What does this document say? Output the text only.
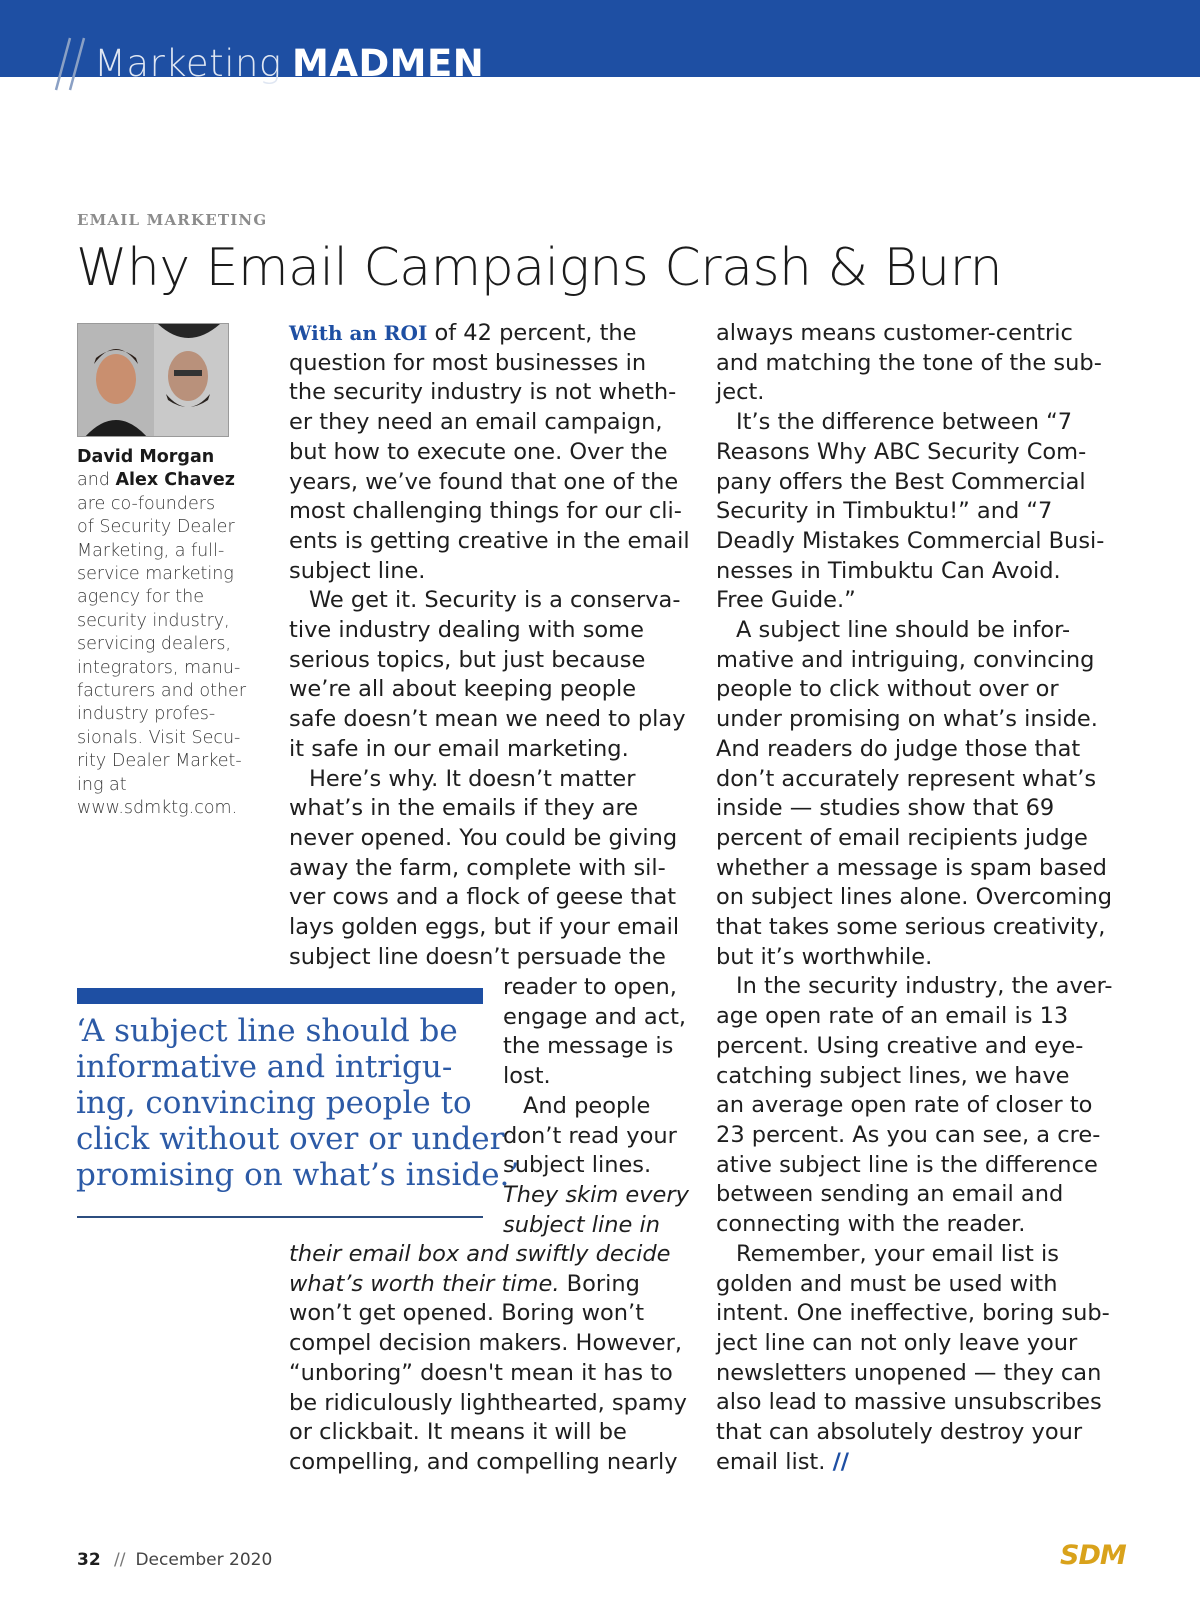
Marketing MADMEN
EMAIL MARKETING
Why Email Campaigns Crash & Burn
David Morgan
and Alex Chavez
are co-founders
of Security Dealer
Marketing, a full-
service marketing
agency for the
security industry,
servicing dealers,
integrators, manu-
facturers and other
industry profes-
sionals. Visit Secu-
rity Dealer Market-
ing at
www.sdmktg.com.
With an ROI of 42 percent, the
question for most businesses in
the security industry is not wheth-
er they need an email campaign,
but how to execute one. Over the
years, we’ve found that one of the
most challenging things for our cli-
ents is getting creative in the email
subject line.
We get it. Security is a conserva-
tive industry dealing with some
serious topics, but just because
we’re all about keeping people
safe doesn’t mean we need to play
it safe in our email marketing.
Here’s why. It doesn’t matter
what’s in the emails if they are
never opened. You could be giving
away the farm, complete with sil-
ver cows and a flock of geese that
lays golden eggs, but if your email
subject line doesn’t persuade the
reader to open,
engage and act,
the message is
lost.
And people
don’t read your
subject lines.
They skim every
subject line in
their email box and swiftly decide
what’s worth their time. Boring
won’t get opened. Boring won’t
compel decision makers. However,
“unboring” doesn't mean it has to
be ridiculously lighthearted, spamy
or clickbait. It means it will be
compelling, and compelling nearly
always means customer-centric
and matching the tone of the sub-
ject.
It’s the difference between “7
Reasons Why ABC Security Com-
pany offers the Best Commercial
Security in Timbuktu!” and “7
Deadly Mistakes Commercial Busi-
nesses in Timbuktu Can Avoid.
Free Guide.”
A subject line should be infor-
mative and intriguing, convincing
people to click without over or
under promising on what’s inside.
And readers do judge those that
don’t accurately represent what’s
inside — studies show that 69
percent of email recipients judge
whether a message is spam based
on subject lines alone. Overcoming
that takes some serious creativity,
but it’s worthwhile.
In the security industry, the aver-
age open rate of an email is 13
percent. Using creative and eye-
catching subject lines, we have
an average open rate of closer to
23 percent. As you can see, a cre-
ative subject line is the difference
between sending an email and
connecting with the reader.
Remember, your email list is
golden and must be used with
intent. One ineffective, boring sub-
ject line can not only leave your
newsletters unopened — they can
also lead to massive unsubscribes
that can absolutely destroy your
email list. //
‘A subject line should be
informative and intrigu-
ing, convincing people to
click without over or under
promising on what’s inside.’
32 // December 2020	SDM
